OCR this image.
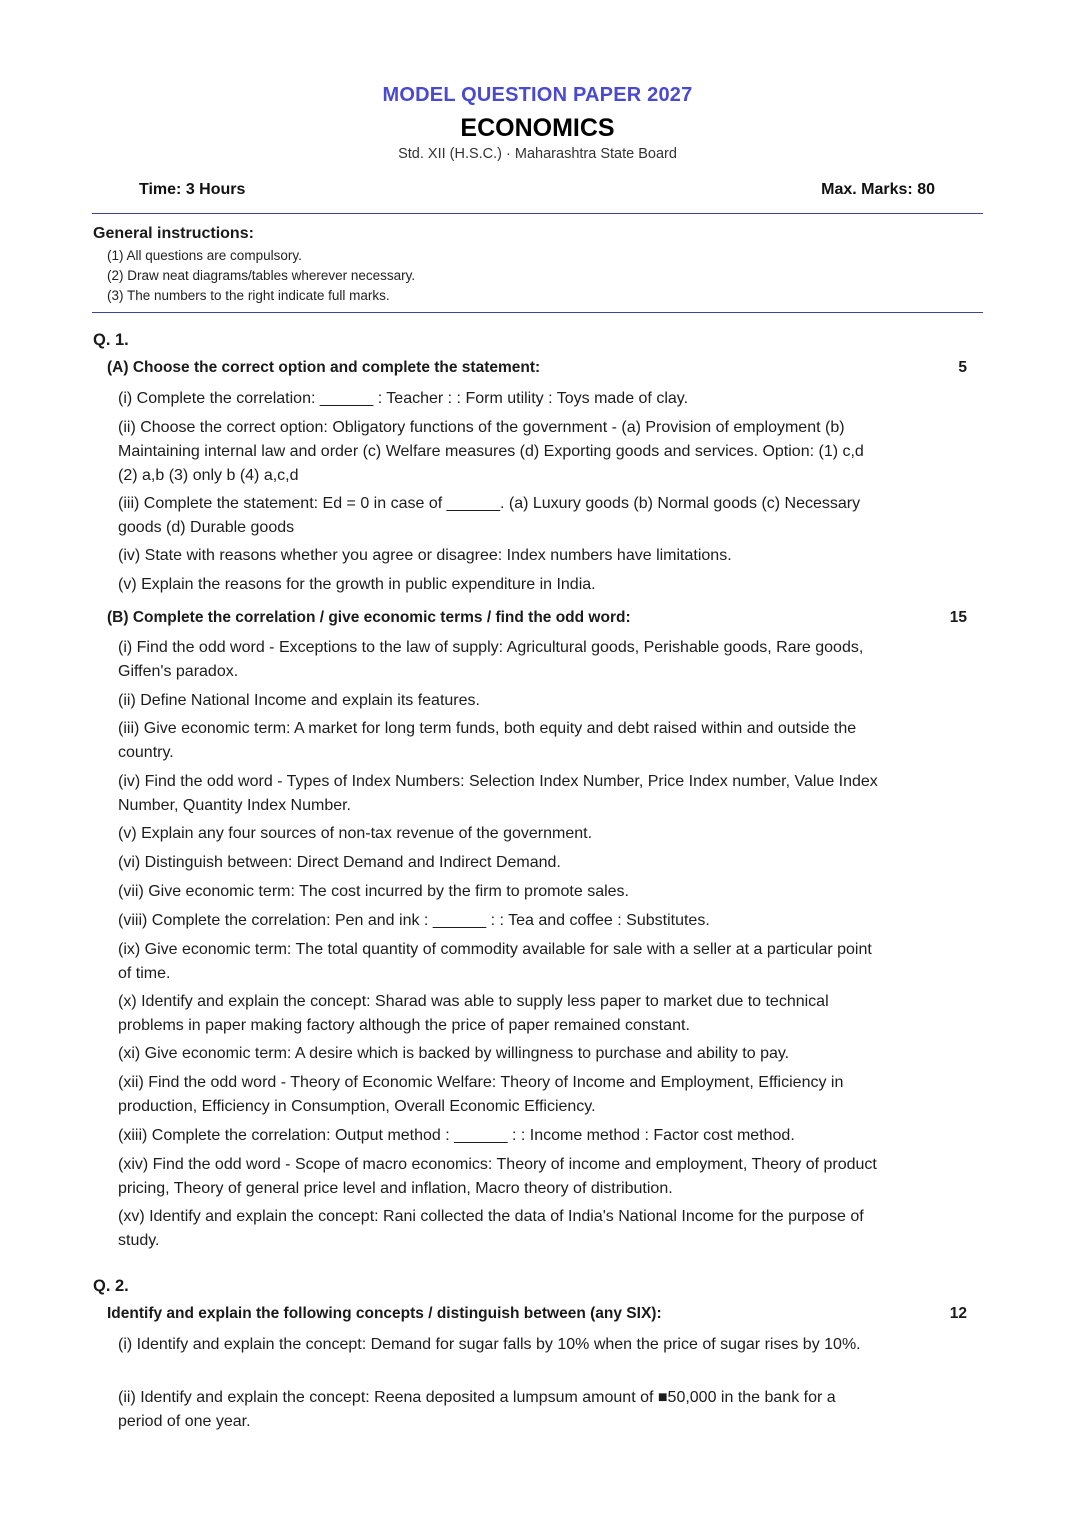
MODEL QUESTION PAPER 2027
ECONOMICS
Std. XII (H.S.C.) · Maharashtra State Board
Time: 3 Hours	Max. Marks: 80
General instructions:
(1) All questions are compulsory.
(2) Draw neat diagrams/tables wherever necessary.
(3) The numbers to the right indicate full marks.
Q. 1.
(A) Choose the correct option and complete the statement:	5
(i) Complete the correlation: ______ : Teacher : : Form utility : Toys made of clay.
(ii) Choose the correct option: Obligatory functions of the government - (a) Provision of employment (b) Maintaining internal law and order (c) Welfare measures (d) Exporting goods and services. Option: (1) c,d (2) a,b (3) only b (4) a,c,d
(iii) Complete the statement: Ed = 0 in case of ______. (a) Luxury goods (b) Normal goods (c) Necessary goods (d) Durable goods
(iv) State with reasons whether you agree or disagree: Index numbers have limitations.
(v) Explain the reasons for the growth in public expenditure in India.
(B) Complete the correlation / give economic terms / find the odd word:	15
(i) Find the odd word - Exceptions to the law of supply: Agricultural goods, Perishable goods, Rare goods, Giffen's paradox.
(ii) Define National Income and explain its features.
(iii) Give economic term: A market for long term funds, both equity and debt raised within and outside the country.
(iv) Find the odd word - Types of Index Numbers: Selection Index Number, Price Index number, Value Index Number, Quantity Index Number.
(v) Explain any four sources of non-tax revenue of the government.
(vi) Distinguish between: Direct Demand and Indirect Demand.
(vii) Give economic term: The cost incurred by the firm to promote sales.
(viii) Complete the correlation: Pen and ink : ______ : : Tea and coffee : Substitutes.
(ix) Give economic term: The total quantity of commodity available for sale with a seller at a particular point of time.
(x) Identify and explain the concept: Sharad was able to supply less paper to market due to technical problems in paper making factory although the price of paper remained constant.
(xi) Give economic term: A desire which is backed by willingness to purchase and ability to pay.
(xii) Find the odd word - Theory of Economic Welfare: Theory of Income and Employment, Efficiency in production, Efficiency in Consumption, Overall Economic Efficiency.
(xiii) Complete the correlation: Output method : ______ : : Income method : Factor cost method.
(xiv) Find the odd word - Scope of macro economics: Theory of income and employment, Theory of product pricing, Theory of general price level and inflation, Macro theory of distribution.
(xv) Identify and explain the concept: Rani collected the data of India's National Income for the purpose of study.
Q. 2.
Identify and explain the following concepts / distinguish between (any SIX):	12
(i) Identify and explain the concept: Demand for sugar falls by 10% when the price of sugar rises by 10%.
(ii) Identify and explain the concept: Reena deposited a lumpsum amount of ■50,000 in the bank for a period of one year.
